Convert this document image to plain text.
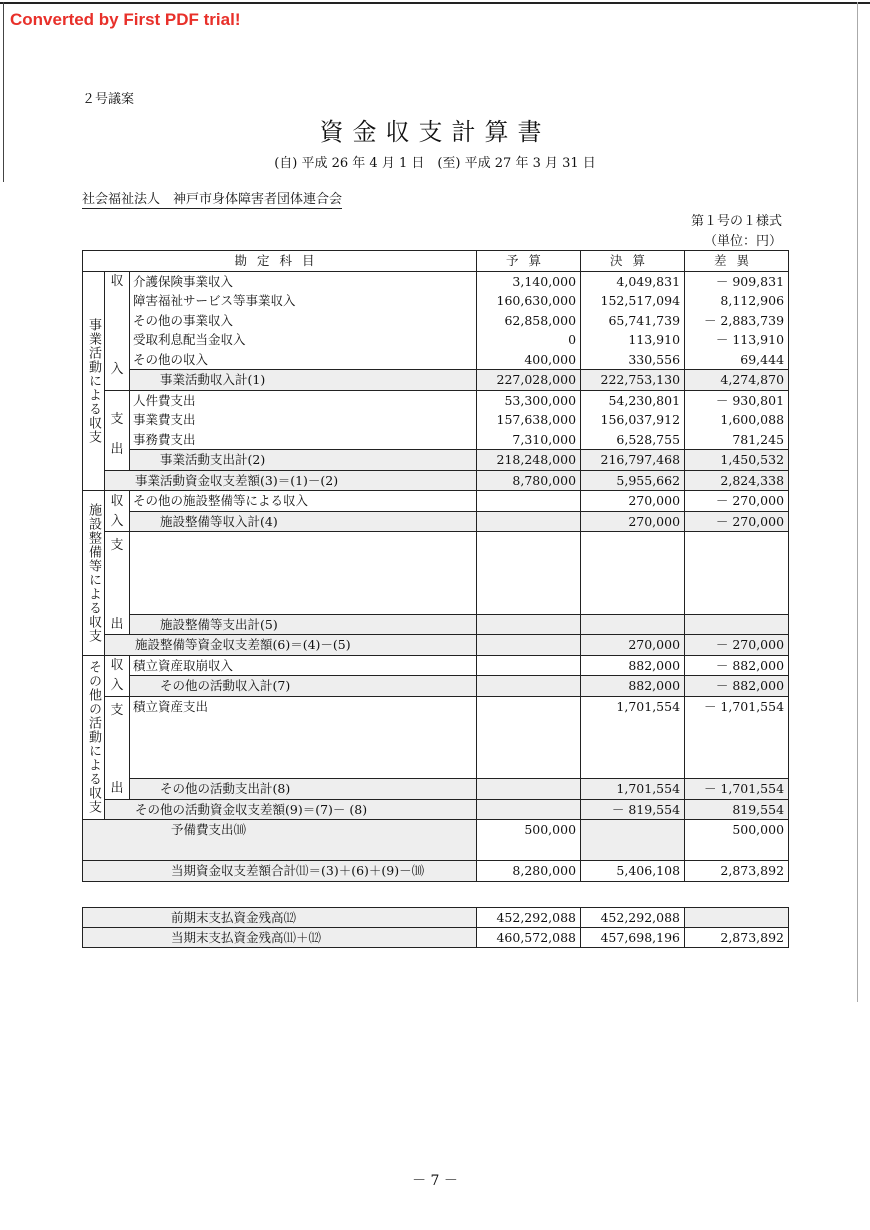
Converted by First PDF trial!
２号議案
資金収支計算書
(自) 平成 26 年 4 月 1 日　(至) 平成 27 年 3 月 31 日
社会福祉法人　神戸市身体障害者団体連合会
第１号の１様式
（単位：円）
勘定科目			予算	決算	差異
事業活動による収支	収	介護保険事業収入	3,140,000	4,049,831	－ 909,831
		障害福祉サービス等事業収入	160,630,000	152,517,094	8,112,906
		その他の事業収入	62,858,000	65,741,739	－ 2,883,739
		受取利息配当金収入	0	113,910	－ 113,910
	入	その他の収入	400,000	330,556	69,444
		事業活動収入計(1)	227,028,000	222,753,130	4,274,870
		人件費支出	53,300,000	54,230,801	－ 930,801
	支	事業費支出	157,638,000	156,037,912	1,600,088
	出	事務費支出	7,310,000	6,528,755	781,245
		事業活動支出計(2)	218,248,000	216,797,468	1,450,532
	事業活動資金収支差額(3)＝(1)－(2)		8,780,000	5,955,662	2,824,338
施設整備等による収支	収	その他の施設整備等による収入		270,000	－ 270,000
	入	施設整備等収入計(4)		270,000	－ 270,000
	支				
	出	施設整備等支出計(5)			
	施設整備等資金収支差額(6)＝(4)－(5)			270,000	－ 270,000
その他の活動による収支	収	積立資産取崩収入		882,000	－ 882,000
	入	その他の活動収入計(7)		882,000	－ 882,000
	支	積立資産支出		1,701,554	－ 1,701,554
	出	その他の活動支出計(8)		1,701,554	－ 1,701,554
	その他の活動資金収支差額(9)＝(7)－ (8)			－ 819,554	819,554
予備費支出⑽			500,000		500,000
当期資金収支差額合計⑾＝(3)＋(6)＋(9)－⑽			8,280,000	5,406,108	2,873,892
前期末支払資金残高⑿	452,292,088	452,292,088	
当期末支払資金残高⑾＋⑿	460,572,088	457,698,196	2,873,892
－ 7 －
